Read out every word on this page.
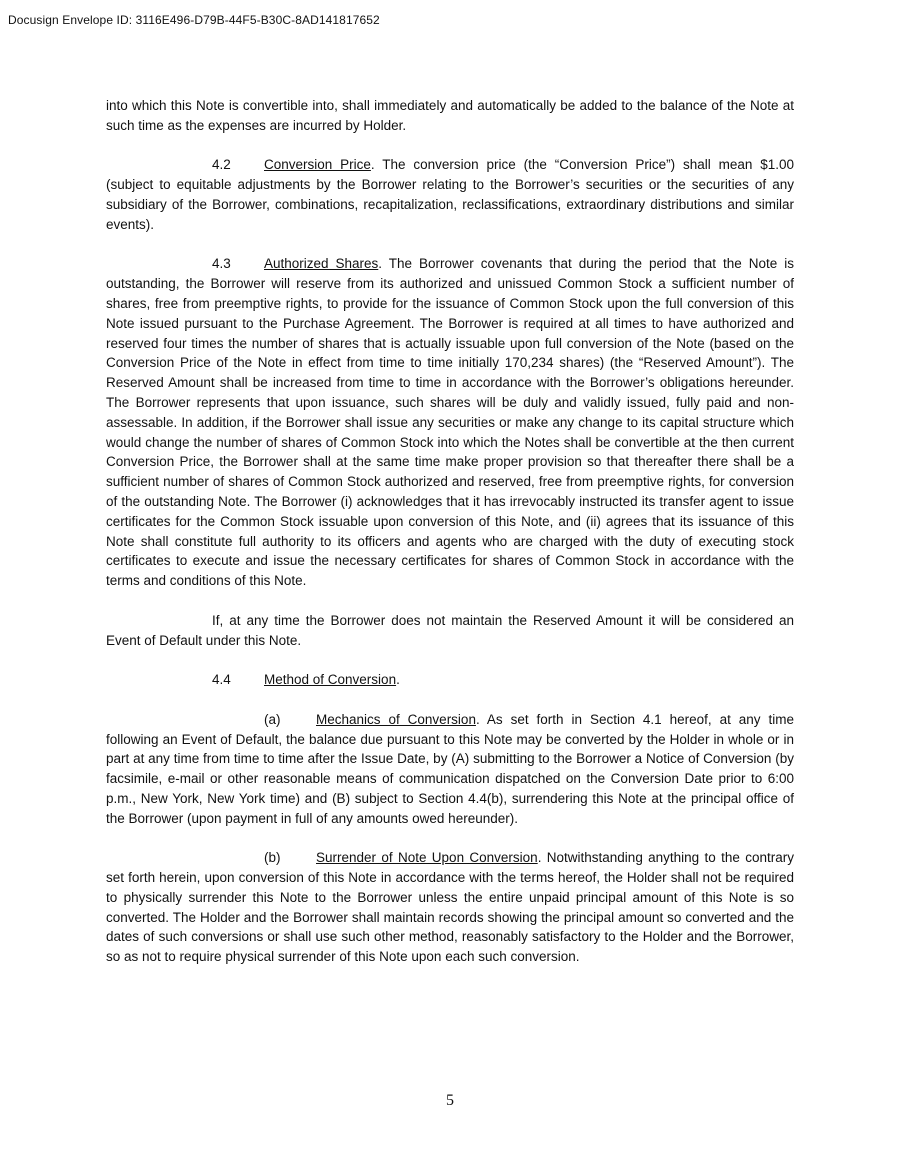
Docusign Envelope ID: 3116E496-D79B-44F5-B30C-8AD141817652

into which this Note is convertible into, shall immediately and automatically be added to the balance of the Note at such time as the expenses are incurred by Holder.

4.2 Conversion Price. The conversion price (the “Conversion Price”) shall mean $1.00 (subject to equitable adjustments by the Borrower relating to the Borrower’s securities or the securities of any subsidiary of the Borrower, combinations, recapitalization, reclassifications, extraordinary distributions and similar events).

4.3 Authorized Shares. The Borrower covenants that during the period that the Note is outstanding, the Borrower will reserve from its authorized and unissued Common Stock a sufficient number of shares, free from preemptive rights, to provide for the issuance of Common Stock upon the full conversion of this Note issued pursuant to the Purchase Agreement. The Borrower is required at all times to have authorized and reserved four times the number of shares that is actually issuable upon full conversion of the Note (based on the Conversion Price of the Note in effect from time to time initially 170,234 shares) (the “Reserved Amount”). The Reserved Amount shall be increased from time to time in accordance with the Borrower’s obligations hereunder. The Borrower represents that upon issuance, such shares will be duly and validly issued, fully paid and non-assessable. In addition, if the Borrower shall issue any securities or make any change to its capital structure which would change the number of shares of Common Stock into which the Notes shall be convertible at the then current Conversion Price, the Borrower shall at the same time make proper provision so that thereafter there shall be a sufficient number of shares of Common Stock authorized and reserved, free from preemptive rights, for conversion of the outstanding Note. The Borrower (i) acknowledges that it has irrevocably instructed its transfer agent to issue certificates for the Common Stock issuable upon conversion of this Note, and (ii) agrees that its issuance of this Note shall constitute full authority to its officers and agents who are charged with the duty of executing stock certificates to execute and issue the necessary certificates for shares of Common Stock in accordance with the terms and conditions of this Note.

If, at any time the Borrower does not maintain the Reserved Amount it will be considered an Event of Default under this Note.

4.4 Method of Conversion.

(a)	Mechanics of Conversion. As set forth in Section 4.1 hereof, at any time following an Event of Default, the balance due pursuant to this Note may be converted by the Holder in whole or in part at any time from time to time after the Issue Date, by (A) submitting to the Borrower a Notice of Conversion (by facsimile, e-mail or other reasonable means of communication dispatched on the Conversion Date prior to 6:00 p.m., New York, New York time) and (B) subject to Section 4.4(b), surrendering this Note at the principal office of the Borrower (upon payment in full of any amounts owed hereunder).

(b)	Surrender of Note Upon Conversion. Notwithstanding anything to the contrary set forth herein, upon conversion of this Note in accordance with the terms hereof, the Holder shall not be required to physically surrender this Note to the Borrower unless the entire unpaid principal amount of this Note is so converted. The Holder and the Borrower shall maintain records showing the principal amount so converted and the dates of such conversions or shall use such other method, reasonably satisfactory to the Holder and the Borrower, so as not to require physical surrender of this Note upon each such conversion.

5
